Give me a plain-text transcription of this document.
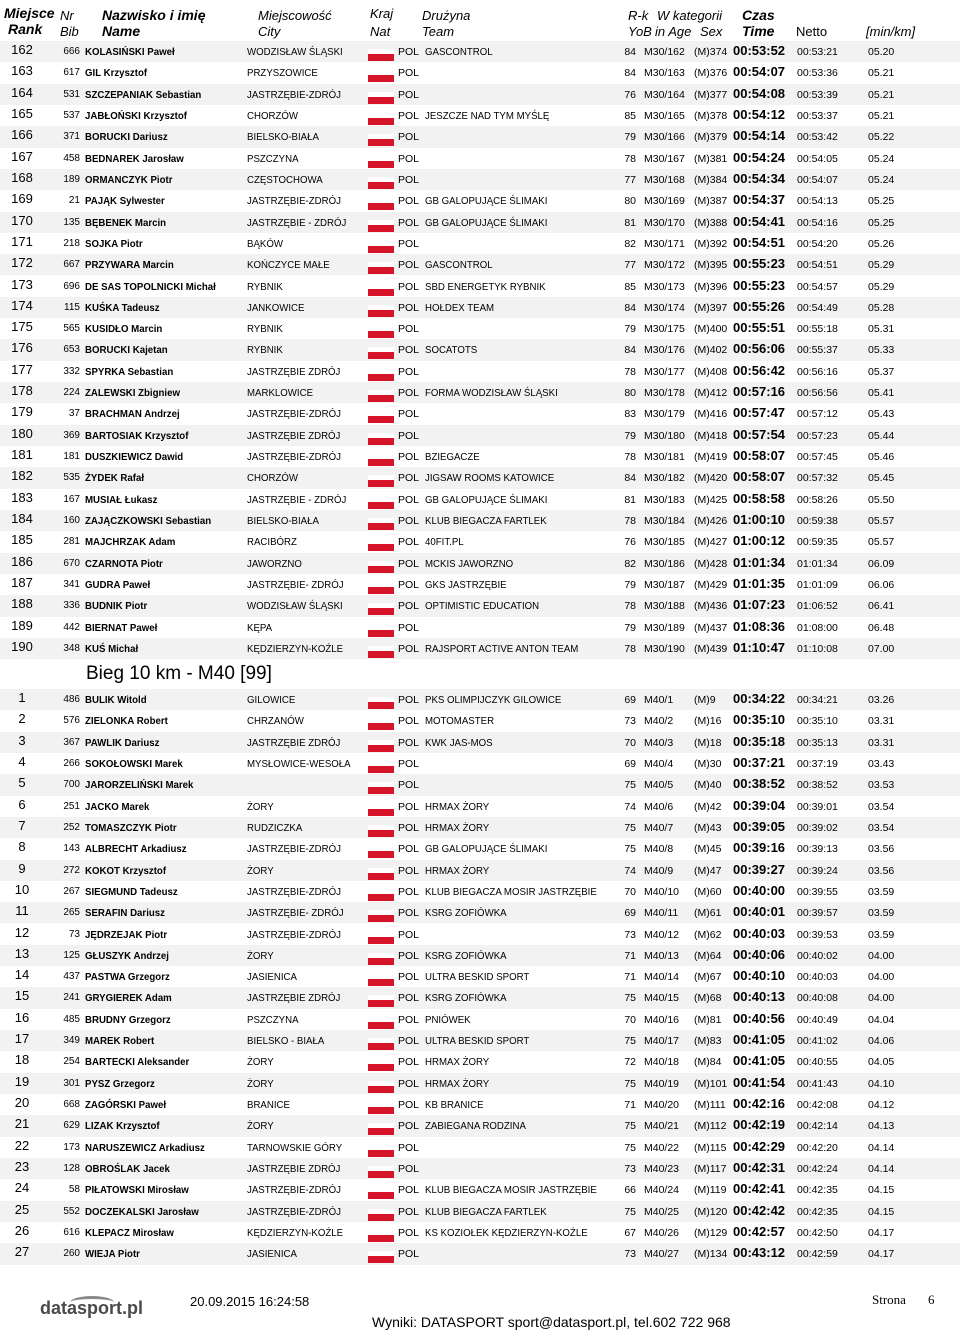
Miejsce
Rank
Nr
Bib
Nazwisko i imię
Name
Miejscowość
City
Kraj
Nat
Drużyna
Team
R-k
YoB
W kategorii
in Age Sex
Czas
Time Netto	[min/km]
162	666 KOLASIŃSKI Paweł	WODZISŁAW ŚLĄSKI	POL GASCONTROL	84 M30/162 (M)374 00:53:52 00:53:21	05.20
163	617 GIL Krzysztof	PRZYSZOWICE	POL	84 M30/163 (M)376 00:54:07 00:53:36	05.21
164	531 SZCZEPANIAK Sebastian	JASTRZĘBIE-ZDRÓJ	POL	76 M30/164 (M)377 00:54:08 00:53:39	05.21
165	537 JABŁOŃSKI Krzysztof	CHORZÓW	POL JESZCZE NAD TYM MYŚLĘ	85 M30/165 (M)378 00:54:12 00:53:37	05.21
166	371 BORUCKI Dariusz	BIELSKO-BIAŁA	POL	79 M30/166 (M)379 00:54:14 00:53:42	05.22
167	458 BEDNAREK Jarosław	PSZCZYNA	POL	78 M30/167 (M)381 00:54:24 00:54:05	05.24
168	189 ORMANCZYK Piotr	CZĘSTOCHOWA	POL	77 M30/168 (M)384 00:54:34 00:54:07	05.24
169	21 PAJĄK Sylwester	JASTRZĘBIE-ZDRÓJ	POL GB GALOPUJĄCE ŚLIMAKI	80 M30/169 (M)387 00:54:37 00:54:13	05.25
170	135 BĘBENEK Marcin	JASTRZĘBIE - ZDRÓJ	POL GB GALOPUJĄCE ŚLIMAKI	81 M30/170 (M)388 00:54:41 00:54:16	05.25
171	218 SOJKA Piotr	BĄKÓW	POL	82 M30/171 (M)392 00:54:51 00:54:20	05.26
172	667 PRZYWARA Marcin	KOŃCZYCE MAŁE	POL GASCONTROL	77 M30/172 (M)395 00:55:23 00:54:51	05.29
173	696 DE SAS TOPOLNICKI Michał	RYBNIK	POL SBD ENERGETYK RYBNIK	85 M30/173 (M)396 00:55:23 00:54:57	05.29
174	115 KUŚKA Tadeusz	JANKOWICE	POL HOŁDEX TEAM	84 M30/174 (M)397 00:55:26 00:54:49	05.28
175	565 KUSIDŁO Marcin	RYBNIK	POL	79 M30/175 (M)400 00:55:51 00:55:18	05.31
176	653 BORUCKI Kajetan	RYBNIK	POL SOCATOTS	84 M30/176 (M)402 00:56:06 00:55:37	05.33
177	332 SPYRKA Sebastian	JASTRZĘBIE ZDRÓJ	POL	78 M30/177 (M)408 00:56:42 00:56:16	05.37
178	224 ZALEWSKI Zbigniew	MARKLOWICE	POL FORMA WODZISŁAW ŚLĄSKI	80 M30/178 (M)412 00:57:16 00:56:56	05.41
179	37 BRACHMAN Andrzej	JASTRZĘBIE-ZDRÓJ	POL	83 M30/179 (M)416 00:57:47 00:57:12	05.43
180	369 BARTOSIAK Krzysztof	JASTRZĘBIE ZDRÓJ	POL	79 M30/180 (M)418 00:57:54 00:57:23	05.44
181	181 DUSZKIEWICZ Dawid	JASTRZĘBIE-ZDRÓJ	POL BZIEGACZE	78 M30/181 (M)419 00:58:07 00:57:45	05.46
182	535 ŻYDEK Rafał	CHORZÓW	POL JIGSAW ROOMS KATOWICE	84 M30/182 (M)420 00:58:07 00:57:32	05.45
183	167 MUSIAŁ Łukasz	JASTRZĘBIE - ZDRÓJ	POL GB GALOPUJĄCE ŚLIMAKI	81 M30/183 (M)425 00:58:58 00:58:26	05.50
184	160 ZAJĄCZKOWSKI Sebastian	BIELSKO-BIAŁA	POL KLUB BIEGACZA FARTLEK	78 M30/184 (M)426 01:00:10 00:59:38	05.57
185	281 MAJCHRZAK Adam	RACIBÓRZ	POL 40FIT.PL	76 M30/185 (M)427 01:00:12 00:59:35	05.57
186	670 CZARNOTA Piotr	JAWORZNO	POL MCKIS JAWORZNO	82 M30/186 (M)428 01:01:34 01:01:34	06.09
187	341 GUDRA Paweł	JASTRZĘBIE- ZDRÓJ	POL GKS JASTRZĘBIE	79 M30/187 (M)429 01:01:35 01:01:09	06.06
188	336 BUDNIK Piotr	WODZISŁAW ŚLĄSKI	POL OPTIMISTIC EDUCATION	78 M30/188 (M)436 01:07:23 01:06:52	06.41
189	442 BIERNAT Paweł	KĘPA	POL	79 M30/189 (M)437 01:08:36 01:08:00	06.48
190	348 KUŚ Michał	KĘDZIERZYN-KOŹLE	POL RAJSPORT ACTIVE ANTON TEAM	78 M30/190 (M)439 01:10:47 01:10:08	07.00
Bieg 10 km - M40 [99]
1	486 BULIK Witold	GILOWICE	POL PKS OLIMPIJCZYK GILOWICE	69 M40/1 (M)9 00:34:22 00:34:21	03.26
2	576 ZIELONKA Robert	CHRZANÓW	POL MOTOMASTER	73 M40/2 (M)16 00:35:10 00:35:10	03.31
3	367 PAWLIK Dariusz	JASTRZĘBIE ZDRÓJ	POL KWK JAS-MOS	70 M40/3 (M)18 00:35:18 00:35:13	03.31
4	266 SOKOŁOWSKI Marek	MYSŁOWICE-WESOŁA	POL	69 M40/4 (M)30 00:37:21 00:37:19	03.43
5	700 JARORZELIŃSKI Marek	POL	75 M40/5 (M)40 00:38:52 00:38:52	03.53
6	251 JACKO Marek	ŻORY	POL HRMAX ŻORY	74 M40/6 (M)42 00:39:04 00:39:01	03.54
7	252 TOMASZCZYK Piotr	RUDZICZKA	POL HRMAX ŻORY	75 M40/7 (M)43 00:39:05 00:39:02	03.54
8	143 ALBRECHT Arkadiusz	JASTRZĘBIE-ZDRÓJ	POL GB GALOPUJĄCE ŚLIMAKI	75 M40/8 (M)45 00:39:16 00:39:13	03.56
9	272 KOKOT Krzysztof	ŻORY	POL HRMAX ŻORY	74 M40/9 (M)47 00:39:27 00:39:24	03.56
10	267 SIEGMUND Tadeusz	JASTRZĘBIE-ZDRÓJ	POL KLUB BIEGACZA MOSIR JASTRZĘBIE	70 M40/10 (M)60 00:40:00 00:39:55	03.59
11	265 SERAFIN Dariusz	JASTRZĘBIE- ZDRÓJ	POL KSRG ZOFIÓWKA	69 M40/11 (M)61 00:40:01 00:39:57	03.59
12	73 JĘDRZEJAK Piotr	JASTRZĘBIE-ZDRÓJ	POL	73 M40/12 (M)62 00:40:03 00:39:53	03.59
13	125 GŁUSZYK Andrzej	ŻORY	POL KSRG ZOFIÓWKA	71 M40/13 (M)64 00:40:06 00:40:02	04.00
14	437 PASTWA Grzegorz	JASIENICA	POL ULTRA BESKID SPORT	71 M40/14 (M)67 00:40:10 00:40:03	04.00
15	241 GRYGIEREK Adam	JASTRZĘBIE ZDRÓJ	POL KSRG ZOFIÓWKA	75 M40/15 (M)68 00:40:13 00:40:08	04.00
16	485 BRUDNY Grzegorz	PSZCZYNA	POL PNIÓWEK	70 M40/16 (M)81 00:40:56 00:40:49	04.04
17	349 MAREK Robert	BIELSKO - BIAŁA	POL ULTRA BESKID SPORT	75 M40/17 (M)83 00:41:05 00:41:02	04.06
18	254 BARTECKI Aleksander	ŻORY	POL HRMAX ŻORY	72 M40/18 (M)84 00:41:05 00:40:55	04.05
19	301 PYSZ Grzegorz	ŻORY	POL HRMAX ŻORY	75 M40/19 (M)101 00:41:54 00:41:43	04.10
20	668 ZAGÓRSKI Paweł	BRANICE	POL KB BRANICE	71 M40/20 (M)111 00:42:16 00:42:08	04.12
21	629 LIZAK Krzysztof	ŻORY	POL ZABIEGANA RODZINA	75 M40/21 (M)112 00:42:19 00:42:14	04.13
22	173 NARUSZEWICZ Arkadiusz	TARNOWSKIE GÓRY	POL	75 M40/22 (M)115 00:42:29 00:42:20	04.14
23	128 OBROŚLAK Jacek	JASTRZĘBIE ZDRÓJ	POL	73 M40/23 (M)117 00:42:31 00:42:24	04.14
24	58 PIŁATOWSKI Mirosław	JASTRZĘBIE-ZDRÓJ	POL KLUB BIEGACZA MOSIR JASTRZĘBIE	66 M40/24 (M)119 00:42:41 00:42:35	04.15
25	552 DOCZEKALSKI Jarosław	JASTRZĘBIE-ZDRÓJ	POL KLUB BIEGACZA FARTLEK	75 M40/25 (M)120 00:42:42 00:42:35	04.15
26	616 KLEPACZ Mirosław	KĘDZIERZYN-KOŹLE	POL KS KOZIOŁEK KĘDZIERZYN-KOŹLE	67 M40/26 (M)129 00:42:57 00:42:50	04.17
27	260 WIEJA Piotr	JASIENICA	POL	73 M40/27 (M)134 00:43:12 00:42:59	04.17
datasport.pl	20.09.2015 16:24:58	Strona 6
Wyniki: DATASPORT sport@datasport.pl, tel.602 722 968
